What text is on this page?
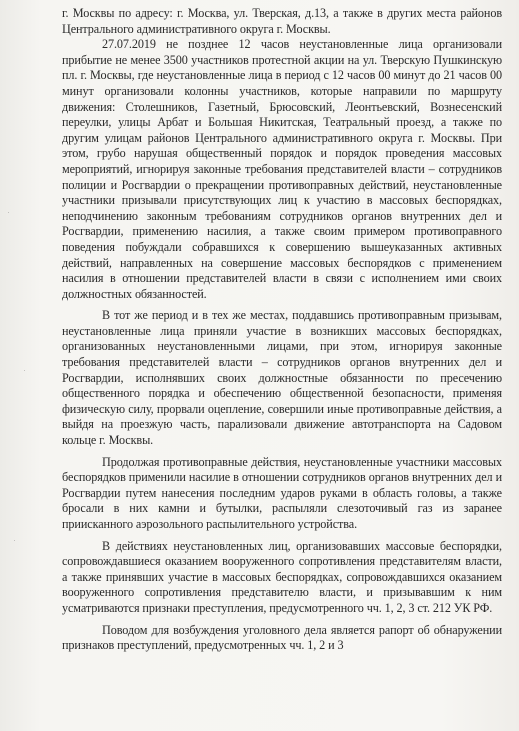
г. Москвы по адресу: г. Москва, ул. Тверская, д.13, а также в других места районов Центрального административного округа г. Москвы.

27.07.2019 не позднее 12 часов неустановленные лица организовали прибытие не менее 3500 участников протестной акции на ул. Тверскую Пушкинскую пл. г. Москвы, где неустановленные лица в период с 12 часов 00 минут до 21 часов 00 минут организовали колонны участников, которые направили по маршруту движения: Столешников, Газетный, Брюсовский, Леонтьевский, Вознесенский переулки, улицы Арбат и Большая Никитская, Театральный проезд, а также по другим улицам районов Центрального административного округа г. Москвы. При этом, грубо нарушая общественный порядок и порядок проведения массовых мероприятий, игнорируя законные требования представителей власти – сотрудников полиции и Росгвардии о прекращении противоправных действий, неустановленные участники призывали присутствующих лиц к участию в массовых беспорядках, неподчинению законным требованиям сотрудников органов внутренних дел и Росгвардии, применению насилия, а также своим примером противоправного поведения побуждали собравшихся к совершению вышеуказанных активных действий, направленных на совершение массовых беспорядков с применением насилия в отношении представителей власти в связи с исполнением ими своих должностных обязанностей.

В тот же период и в тех же местах, поддавшись противоправным призывам, неустановленные лица приняли участие в возникших массовых беспорядках, организованных неустановленными лицами, при этом, игнорируя законные требования представителей власти – сотрудников органов внутренних дел и Росгвардии, исполнявших своих должностные обязанности по пресечению общественного порядка и обеспечению общественной безопасности, применяя физическую силу, прорвали оцепление, совершили иные противоправные действия, а выйдя на проезжую часть, парализовали движение автотранспорта на Садовом кольце г. Москвы.

Продолжая противоправные действия, неустановленные участники массовых беспорядков применили насилие в отношении сотрудников органов внутренних дел и Росгвардии путем нанесения последним ударов руками в область головы, а также бросали в них камни и бутылки, распыляли слезоточивый газ из заранее приисканного аэрозольного распылительного устройства.

В действиях неустановленных лиц, организовавших массовые беспорядки, сопровождавшиеся оказанием вооруженного сопротивления представителям власти, а также принявших участие в массовых беспорядках, сопровождавшихся оказанием вооруженного сопротивления представителю власти, и призывавшим к ним усматриваются признаки преступления, предусмотренного чч. 1, 2, 3 ст. 212 УК РФ.

Поводом для возбуждения уголовного дела является рапорт об обнаружении признаков преступлений, предусмотренных чч. 1, 2 и 3
